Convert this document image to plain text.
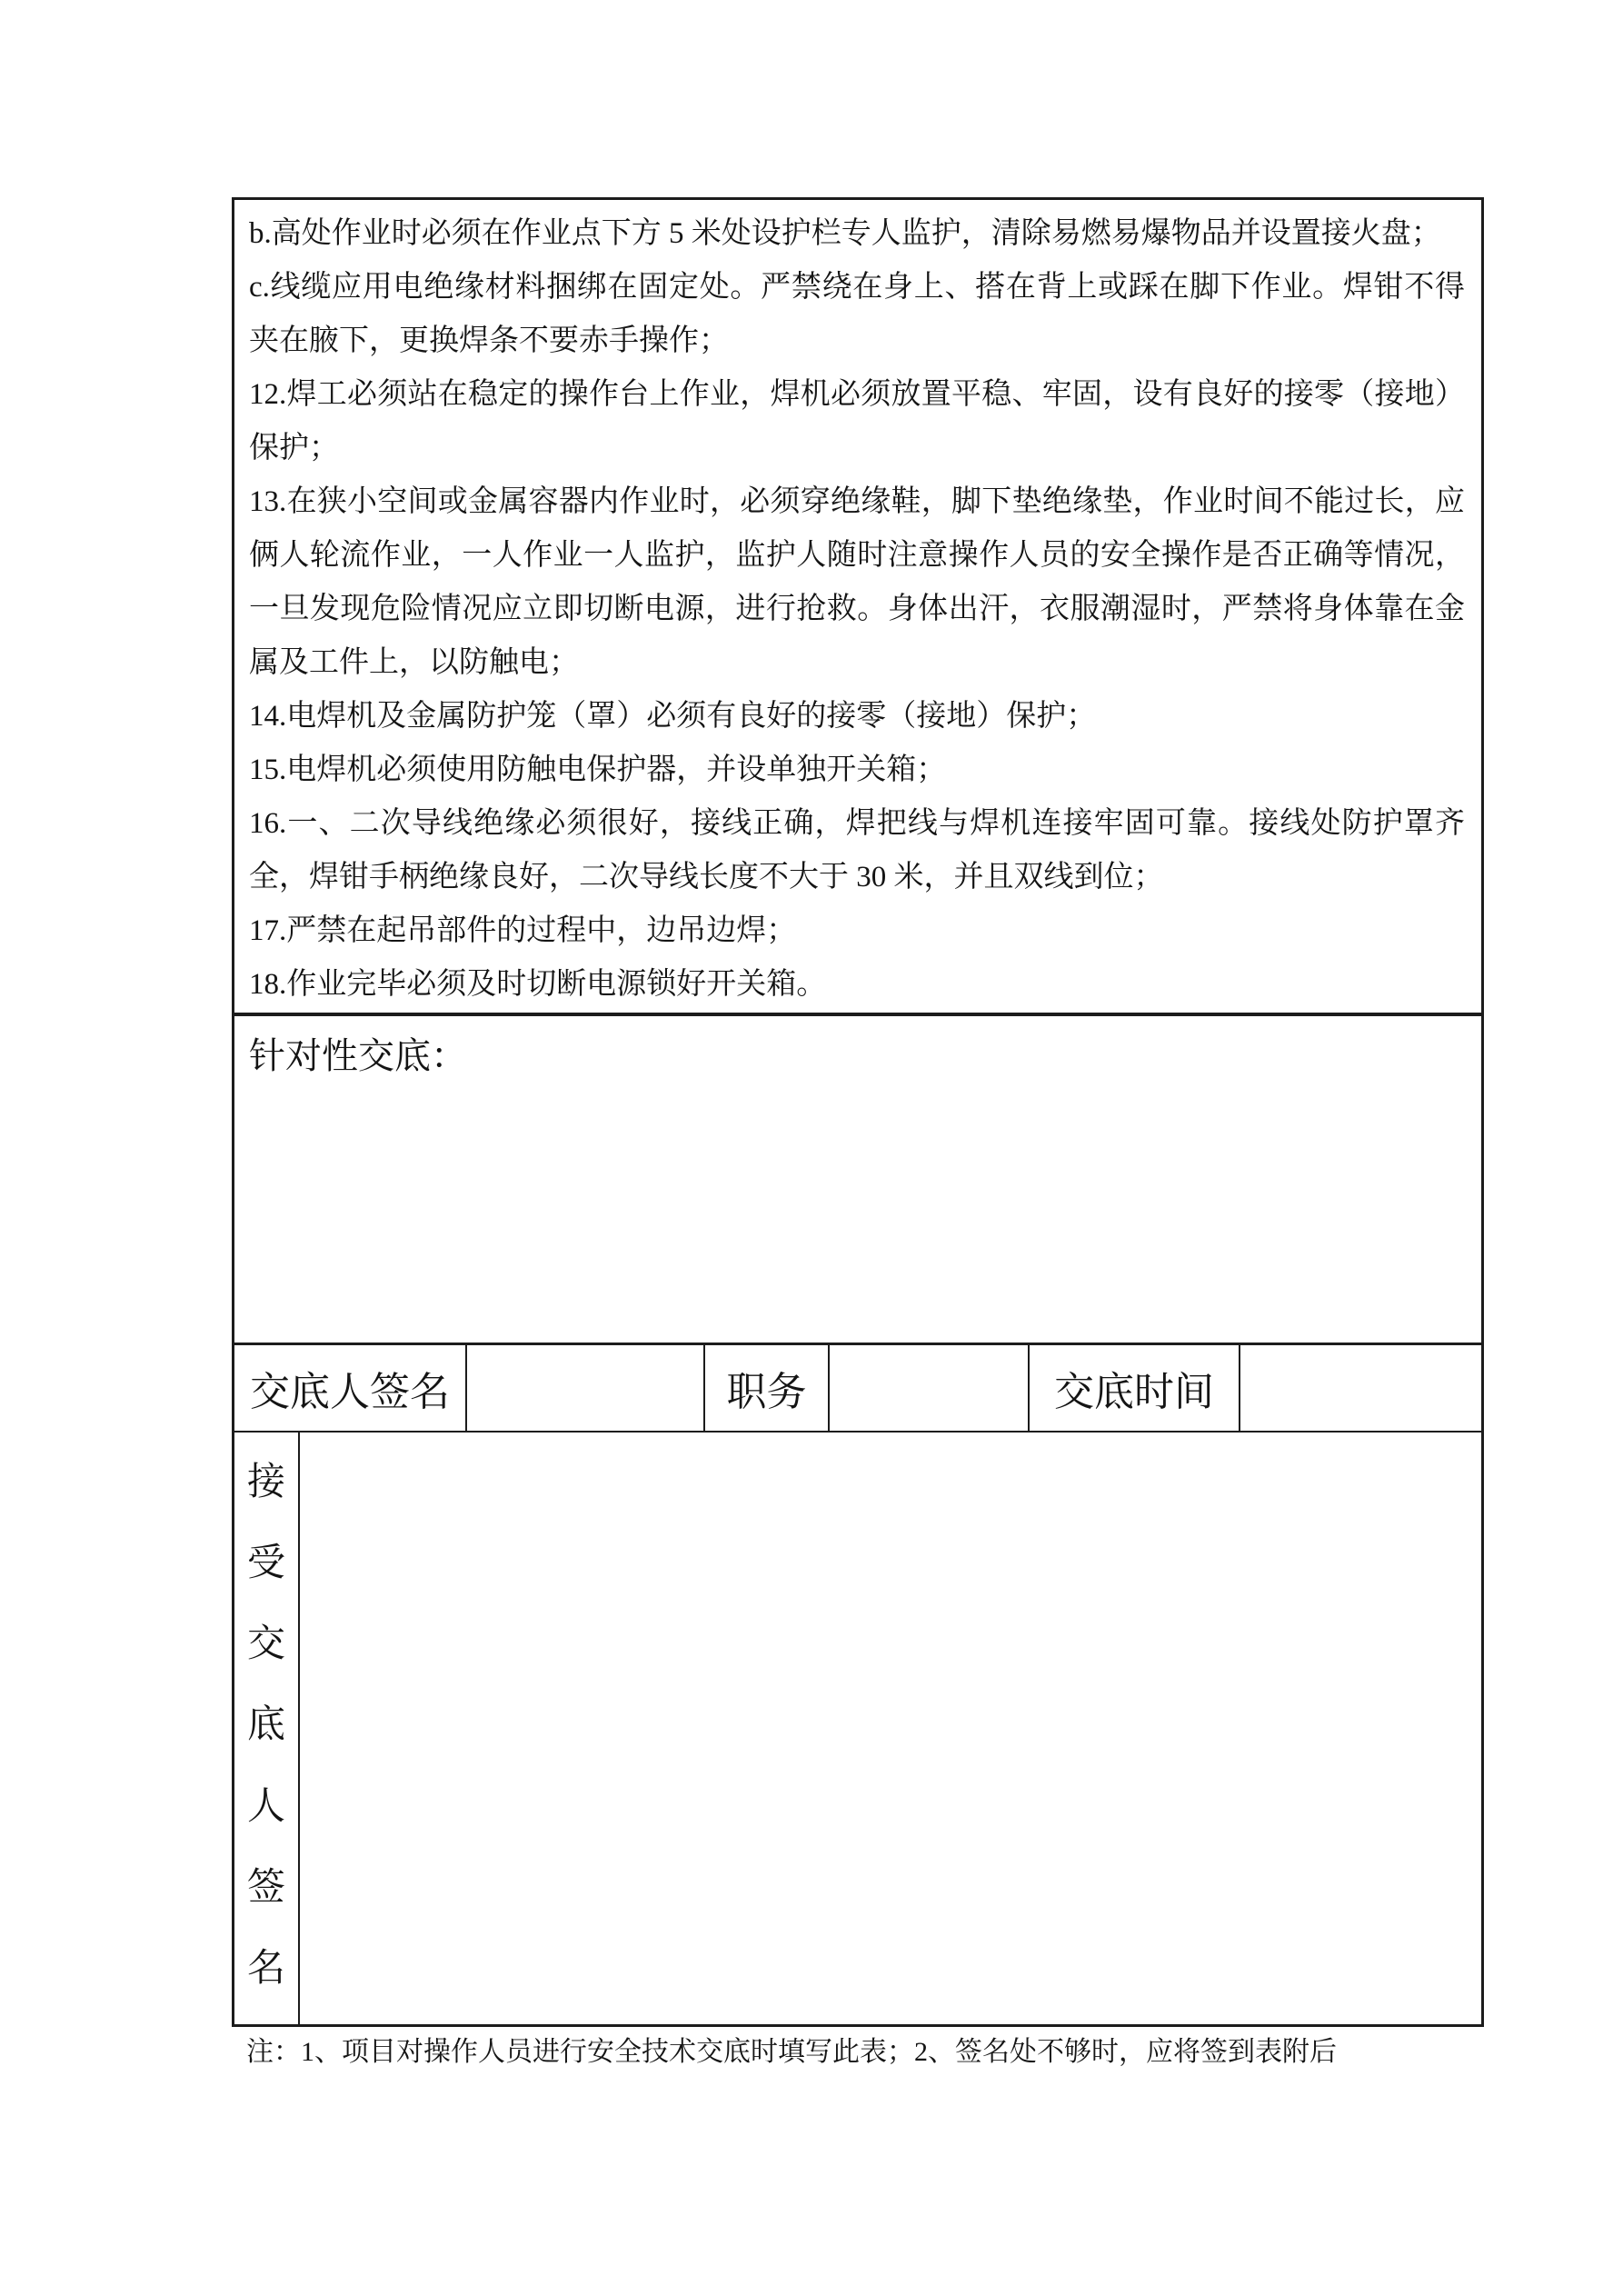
b.高处作业时必须在作业点下方 5 米处设护栏专人监护，清除易燃易爆物品并设置接火盘；

c.线缆应用电绝缘材料捆绑在固定处。严禁绕在身上、搭在背上或踩在脚下作业。焊钳不得夹在腋下，更换焊条不要赤手操作；

12.焊工必须站在稳定的操作台上作业，焊机必须放置平稳、牢固，设有良好的接零（接地）保护；

13.在狭小空间或金属容器内作业时，必须穿绝缘鞋，脚下垫绝缘垫，作业时间不能过长，应俩人轮流作业，一人作业一人监护，监护人随时注意操作人员的安全操作是否正确等情况，一旦发现危险情况应立即切断电源，进行抢救。身体出汗，衣服潮湿时，严禁将身体靠在金属及工件上，以防触电；

14.电焊机及金属防护笼（罩）必须有良好的接零（接地）保护；

15.电焊机必须使用防触电保护器，并设单独开关箱；

16.一、二次导线绝缘必须很好，接线正确，焊把线与焊机连接牢固可靠。接线处防护罩齐全，焊钳手柄绝缘良好，二次导线长度不大于 30 米，并且双线到位；

17.严禁在起吊部件的过程中，边吊边焊；

18.作业完毕必须及时切断电源锁好开关箱。

针对性交底：
交底人签名	职务	交底时间
接
受
交
底
人
签
名
注：1、项目对操作人员进行安全技术交底时填写此表；2、签名处不够时，应将签到表附后
